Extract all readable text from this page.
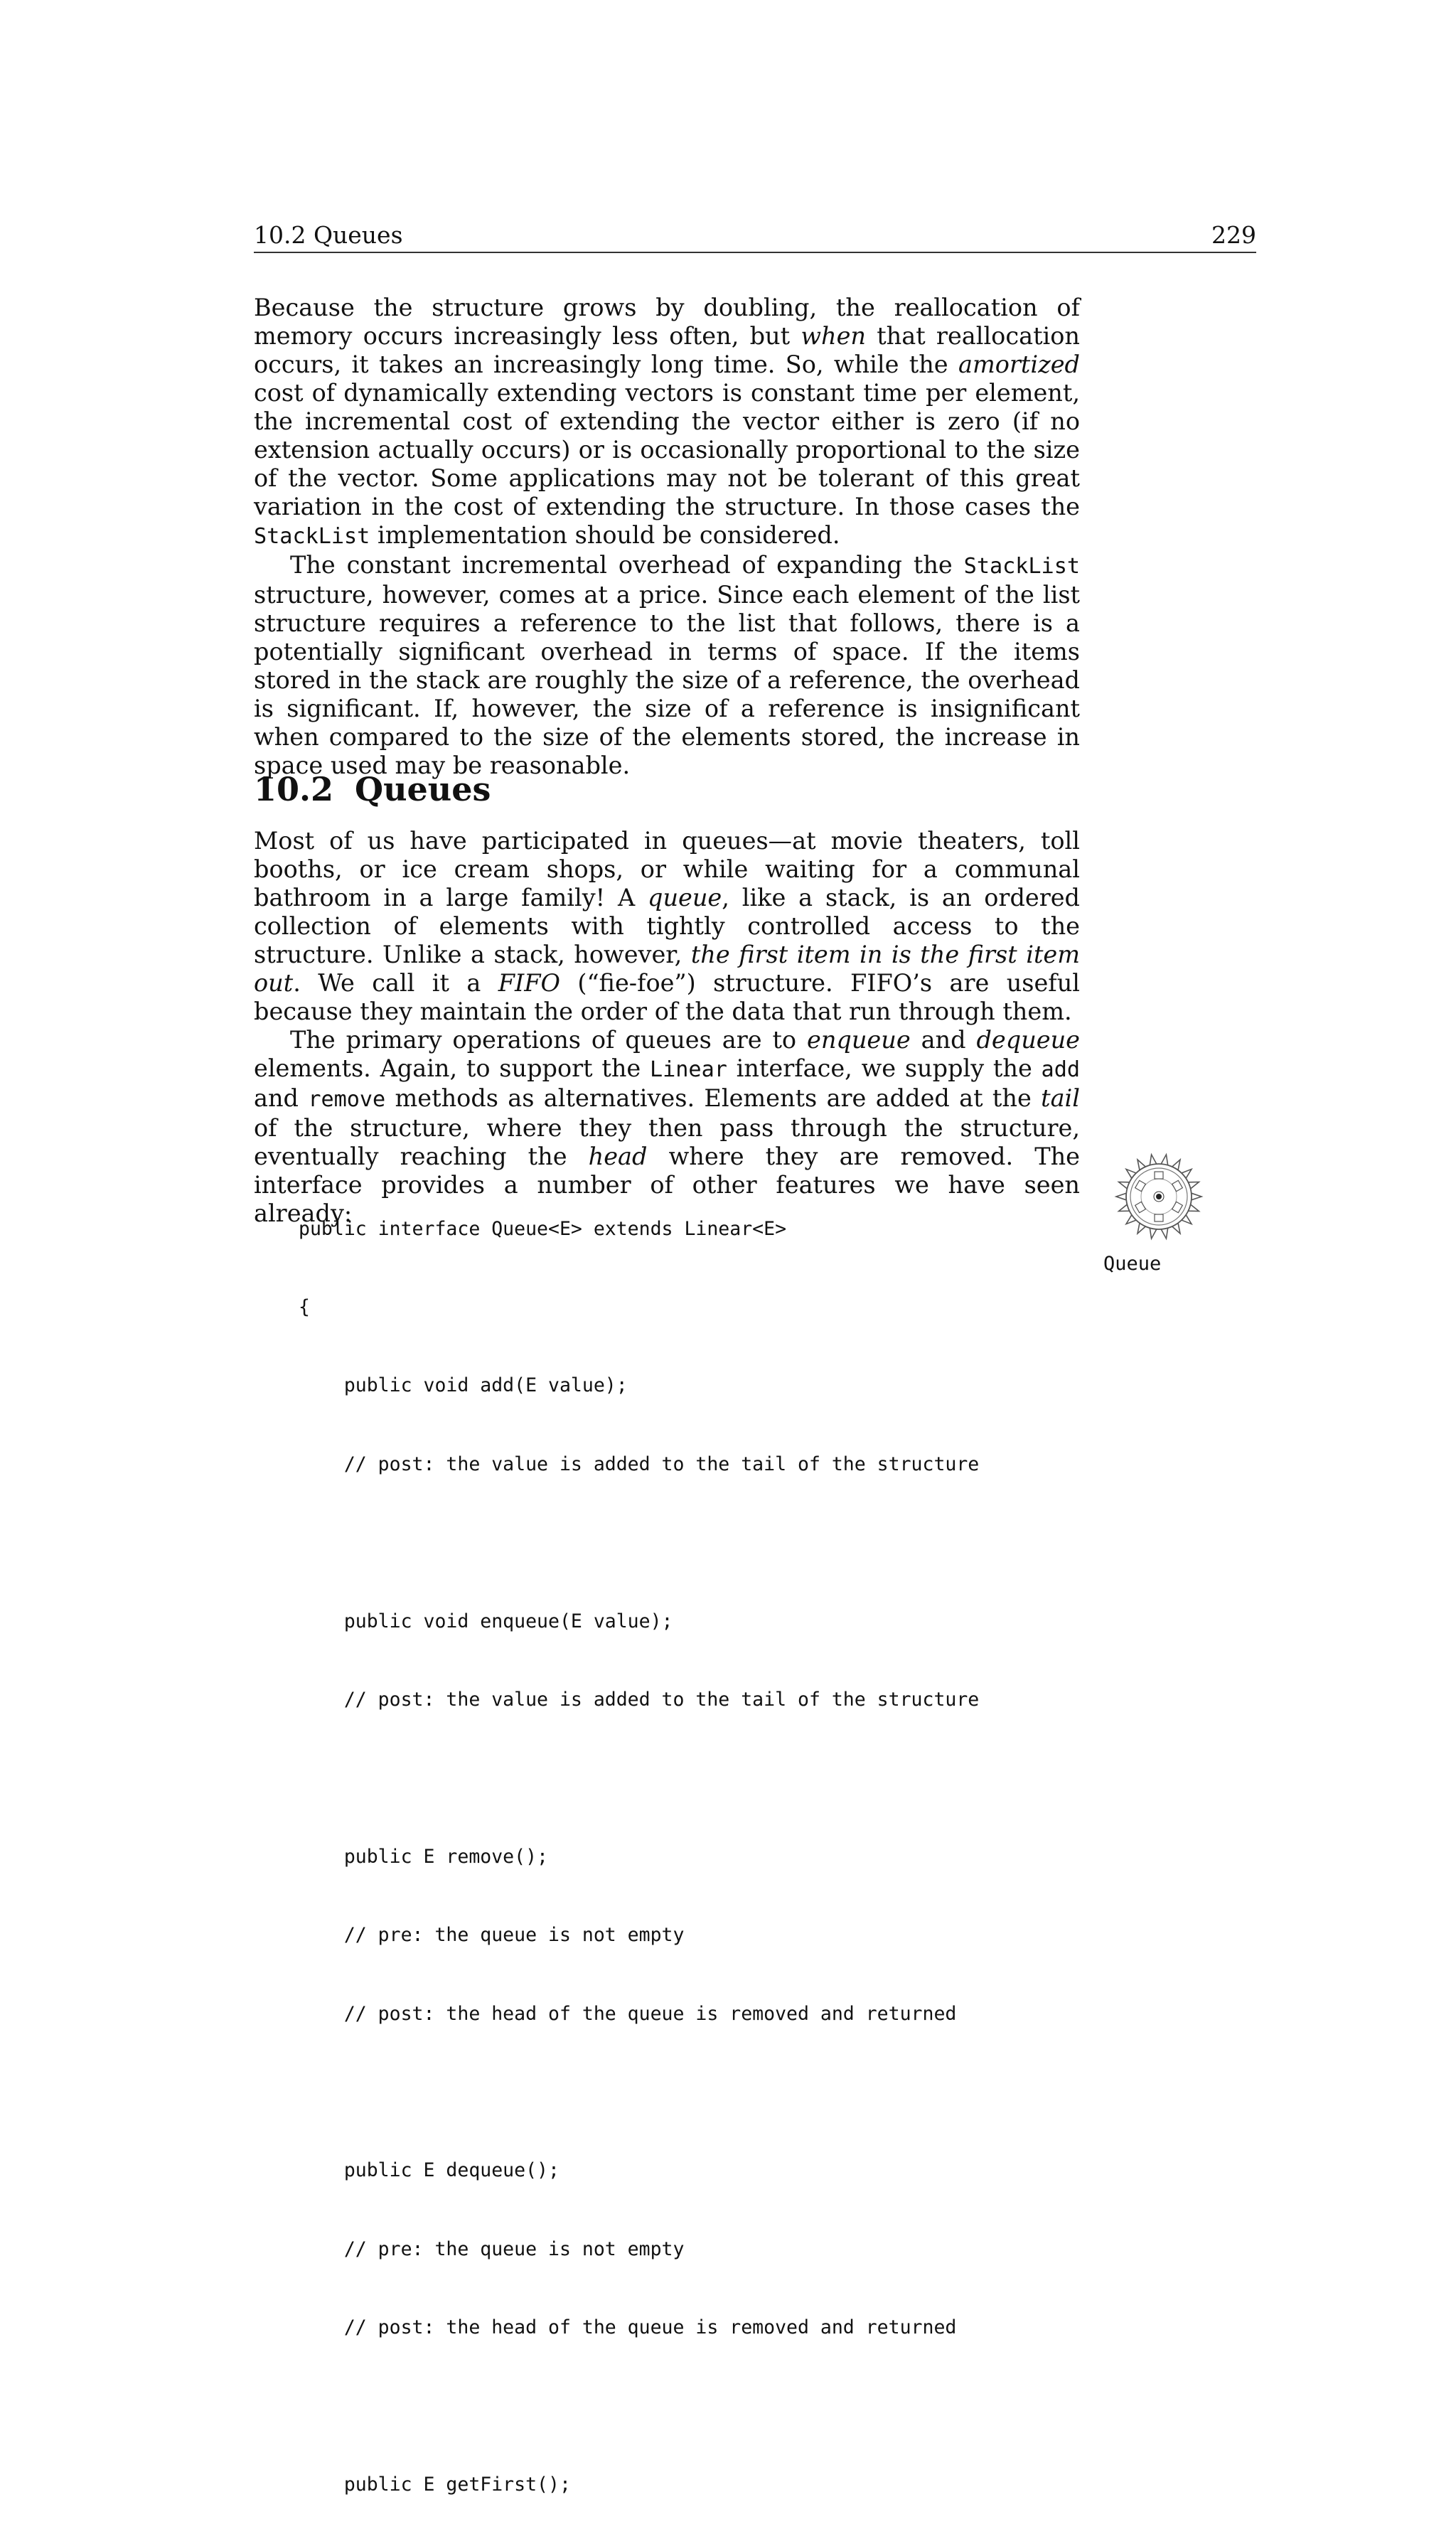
10.2 Queues	229

Because the structure grows by doubling, the reallocation of memory occurs increasingly less often, but when that reallocation occurs, it takes an increasingly long time. So, while the amortized cost of dynamically extending vectors is constant time per element, the incremental cost of extending the vector either is zero (if no extension actually occurs) or is occasionally proportional to the size of the vector. Some applications may not be tolerant of this great variation in the cost of extending the structure. In those cases the StackList implementation should be considered.

The constant incremental overhead of expanding the StackList structure, however, comes at a price. Since each element of the list structure requires a reference to the list that follows, there is a potentially significant overhead in terms of space. If the items stored in the stack are roughly the size of a reference, the overhead is significant. If, however, the size of a reference is insignificant when compared to the size of the elements stored, the increase in space used may be reasonable.

10.2 Queues

Most of us have participated in queues—at movie theaters, toll booths, or ice cream shops, or while waiting for a communal bathroom in a large family! A queue, like a stack, is an ordered collection of elements with tightly controlled access to the structure. Unlike a stack, however, the first item in is the first item out. We call it a FIFO (“fie-foe”) structure. FIFO’s are useful because they maintain the order of the data that run through them.

The primary operations of queues are to enqueue and dequeue elements. Again, to support the Linear interface, we supply the add and remove methods as alternatives. Elements are added at the tail of the structure, where they then pass through the structure, eventually reaching the head where they are removed. The interface provides a number of other features we have seen already:

public interface Queue<E> extends Linear<E>

{

public void add(E value);

// post: the value is added to the tail of the structure

public void enqueue(E value);

// post: the value is added to the tail of the structure

public E remove();

// pre: the queue is not empty

// post: the head of the queue is removed and returned

public E dequeue();

// pre: the queue is not empty

// post: the head of the queue is removed and returned

public E getFirst();

Queue
